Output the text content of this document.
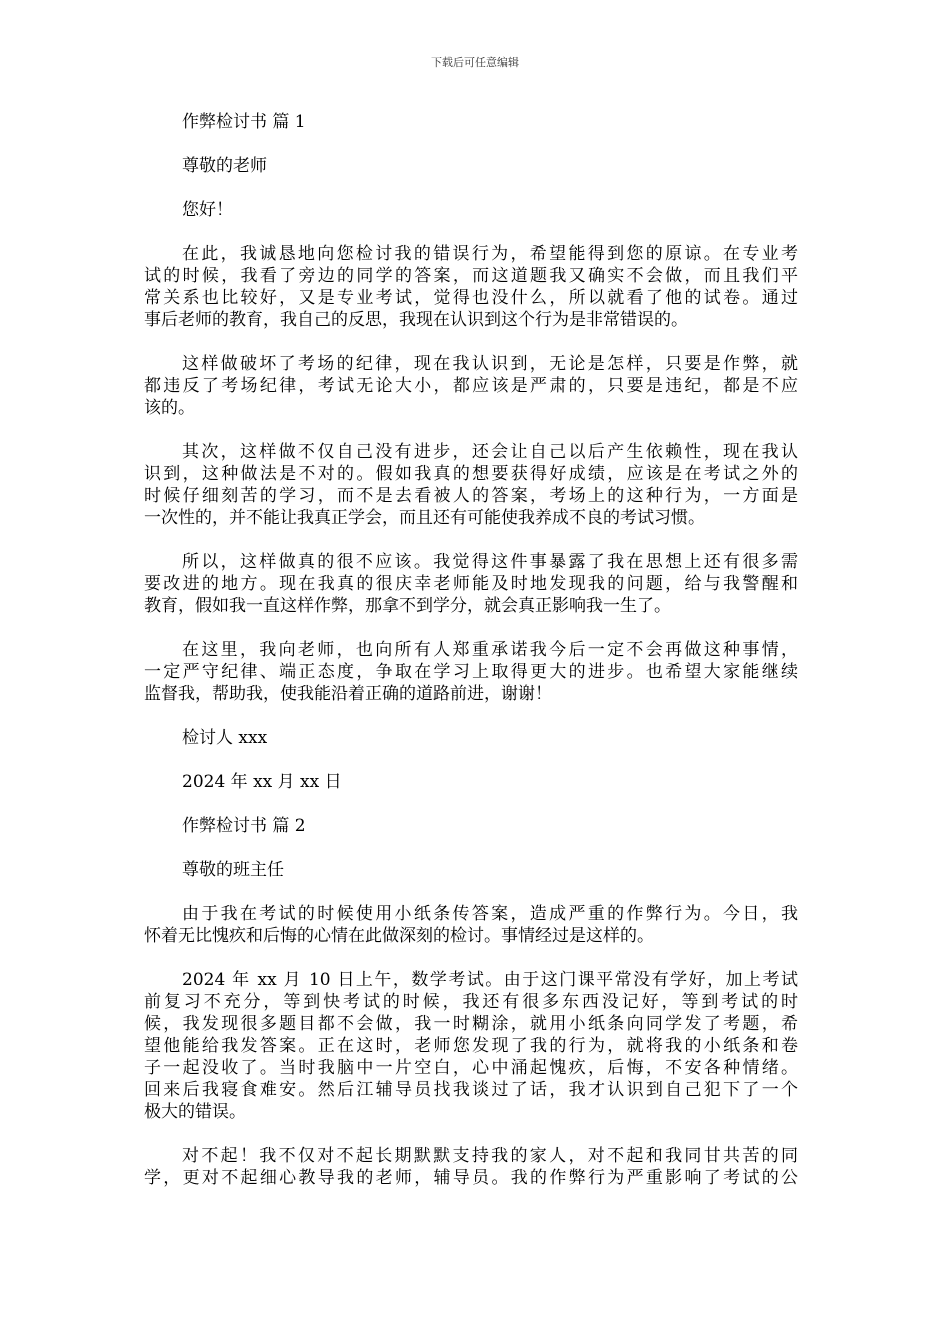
下载后可任意编辑
作弊检讨书 篇 1
尊敬的老师
您好！
在此，我诚恳地向您检讨我的错误行为，希望能得到您的原谅。在专业考
试的时候，我看了旁边的同学的答案，而这道题我又确实不会做，而且我们平
常关系也比较好，又是专业考试，觉得也没什么，所以就看了他的试卷。通过
事后老师的教育，我自己的反思，我现在认识到这个行为是非常错误的。
这样做破坏了考场的纪律，现在我认识到，无论是怎样，只要是作弊，就
都违反了考场纪律，考试无论大小，都应该是严肃的，只要是违纪，都是不应
该的。
其次，这样做不仅自己没有进步，还会让自己以后产生依赖性，现在我认
识到，这种做法是不对的。假如我真的想要获得好成绩，应该是在考试之外的
时候仔细刻苦的学习，而不是去看被人的答案，考场上的这种行为，一方面是
一次性的，并不能让我真正学会，而且还有可能使我养成不良的考试习惯。
所以，这样做真的很不应该。我觉得这件事暴露了我在思想上还有很多需
要改进的地方。现在我真的很庆幸老师能及时地发现我的问题，给与我警醒和
教育，假如我一直这样作弊，那拿不到学分，就会真正影响我一生了。
在这里，我向老师，也向所有人郑重承诺我今后一定不会再做这种事情，
一定严守纪律、端正态度，争取在学习上取得更大的进步。也希望大家能继续
监督我，帮助我，使我能沿着正确的道路前进，谢谢！
检讨人 xxx
2024 年 xx 月 xx 日
作弊检讨书 篇 2
尊敬的班主任
由于我在考试的时候使用小纸条传答案，造成严重的作弊行为。今日，我
怀着无比愧疚和后悔的心情在此做深刻的检讨。事情经过是这样的。
2024 年 xx 月 10 日上午，数学考试。由于这门课平常没有学好，加上考试
前复习不充分，等到快考试的时候，我还有很多东西没记好，等到考试的时
候，我发现很多题目都不会做，我一时糊涂，就用小纸条向同学发了考题，希
望他能给我发答案。正在这时，老师您发现了我的行为，就将我的小纸条和卷
子一起没收了。当时我脑中一片空白，心中涌起愧疚，后悔，不安各种情绪。
回来后我寝食难安。然后江辅导员找我谈过了话，我才认识到自己犯下了一个
极大的错误。
对不起！我不仅对不起长期默默支持我的家人，对不起和我同甘共苦的同
学，更对不起细心教导我的老师，辅导员。我的作弊行为严重影响了考试的公
